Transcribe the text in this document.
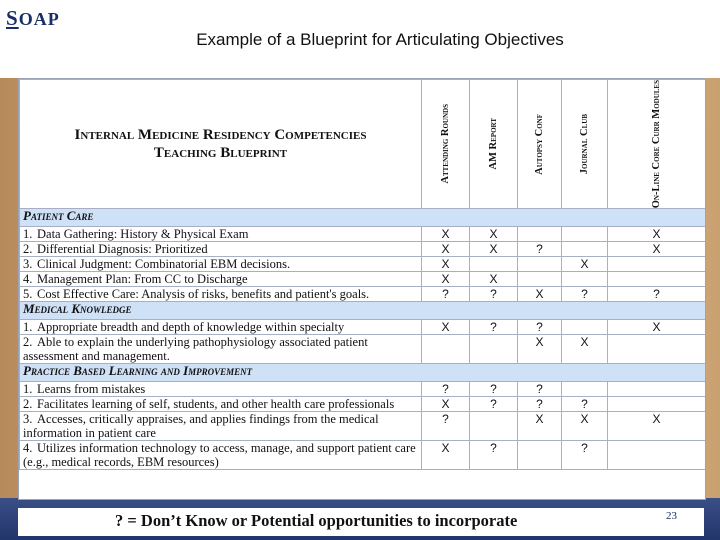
SOAP
Example of a Blueprint for Articulating Objectives
Internal Medicine Residency Competencies
Teaching Blueprint	Attending Rounds	AM Report	Autopsy Conf	Journal Club	On-Line Core Curr Modules

Patient Care					
1. Data Gathering: History & Physical Exam	X	X			X
2. Differential Diagnosis: Prioritized	X	X	?		X
3. Clinical Judgment: Combinatorial EBM decisions.	X			X	
4. Management Plan: From CC to Discharge	X	X			
5. Cost Effective Care: Analysis of risks, benefits and patient's goals.	?	?	X	?	?
Medical Knowledge					
1. Appropriate breadth and depth of knowledge within specialty	X	?	?		X
2. Able to explain the underlying pathophysiology associated patient assessment and management.			X	X	
Practice Based Learning and Improvement					
1. Learns from mistakes	?	?	?		
2. Facilitates learning of self, students, and other health care professionals	X	?	?	?	
3. Accesses, critically appraises, and applies findings from the medical information in patient care	?		X	X	X
4. Utilizes information technology to access, manage, and support patient care (e.g., medical records, EBM resources)	X	?		?	
? = Don’t Know or Potential opportunities to incorporate	23
